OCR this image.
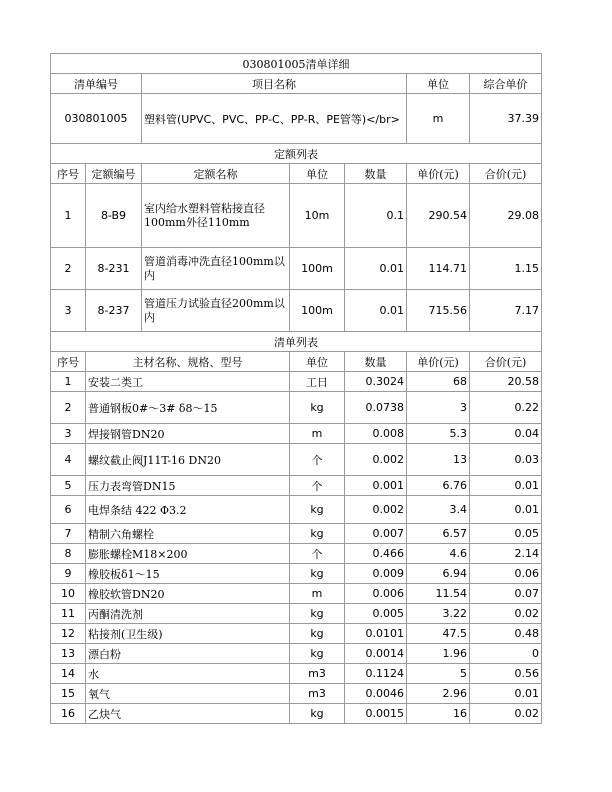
030801005清单详细						
清单编号		项目名称			单位	综合单价
030801005		塑料管(UPVC、PVC、PP-C、PP-R、PE管等)</br>			m	37.39
定额列表						
序号	定额编号	定额名称	单位	数量	单价(元)	合价(元)
1	8-B9	室内给水塑料管粘接直径100mm外径110mm	10m	0.1	290.54	29.08
2	8-231	管道消毒冲洗直径100mm以内	100m	0.01	114.71	1.15
3	8-237	管道压力试验直径200mm以内	100m	0.01	715.56	7.17
清单列表						
序号	主材名称、规格、型号		单位	数量	单价(元)	合价(元)
1	安装二类工		工日	0.3024	68	20.58
2	普通钢板0#～3# δ8～15		kg	0.0738	3	0.22
3	焊接钢管DN20		m	0.008	5.3	0.04
4	螺纹截止阀J11T-16 DN20		个	0.002	13	0.03
5	压力表弯管DN15		个	0.001	6.76	0.01
6	电焊条结 422 Φ3.2		kg	0.002	3.4	0.01
7	精制六角螺栓		kg	0.007	6.57	0.05
8	膨胀螺栓M18×200		个	0.466	4.6	2.14
9	橡胶板δ1～15		kg	0.009	6.94	0.06
10	橡胶软管DN20		m	0.006	11.54	0.07
11	丙酮清洗剂		kg	0.005	3.22	0.02
12	粘接剂(卫生级)		kg	0.0101	47.5	0.48
13	漂白粉		kg	0.0014	1.96	0
14	水		m3	0.1124	5	0.56
15	氧气		m3	0.0046	2.96	0.01
16	乙炔气		kg	0.0015	16	0.02
